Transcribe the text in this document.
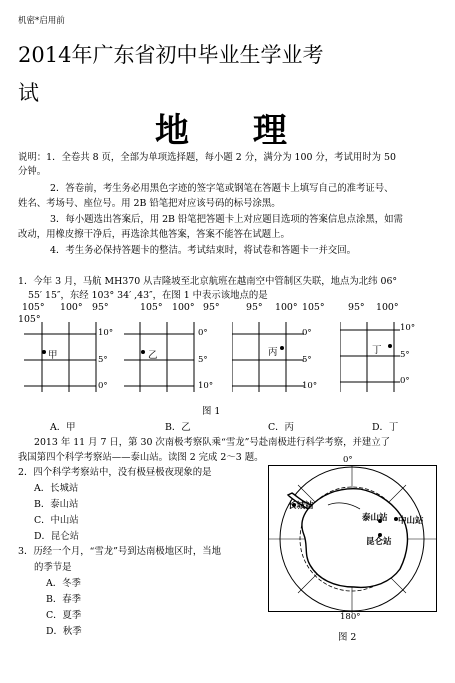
机密*启用前
2014年广东省初中毕业生学业考
试
地 理
说明：1．全卷共 8 页，全部为单项选择题，每小题 2 分，满分为 100 分，考试用时为 50
分钟。
2．答卷前，考生务必用黑色字迹的签字笔或钢笔在答题卡上填写自己的准考证号、
姓名、考场号、座位号。用 2B 铅笔把对应该号码的标号涂黑。
3．每小题选出答案后，用 2B 铅笔把答题卡上对应题目选项的答案信息点涂黑，如需
改动，用橡皮擦干净后，再选涂其他答案，答案不能答在试题上。
4．考生务必保持答题卡的整洁。考试结束时，将试卷和答题卡一并交回。
1．今年 3 月，马航 MH370 从吉隆坡至北京航班在越南空中管制区失联，地点为北纬 06°
55′ 15″，东经 103° 34′ ,43″，在图 1 中表示该地点的是
105° 100° 95°	105° 100° 95°	95° 100° 105° 95° 100°
105°
甲
10°
5°
0°
乙
0°
5°
10°
丙
0°
5°
10°
丁
10°
5°
0°
图 1
A．甲	B．乙	C．丙	D．丁
2013 年 11 月 7 日，第 30 次南极考察队乘“雪龙”号赴南极进行科学考察，并建立了
我国第四个科学考察站——泰山站。读图 2 完成 2～3 题。
2．四个科学考察站中，没有极昼极夜现象的是
A．长城站
B．泰山站
C．中山站
D．昆仑站
3．历经一个月，“雪龙”号到达南极地区时，当地
的季节是
A．冬季
B．春季
C．夏季
D．秋季
0°
长城站
泰山站 中山站
昆仑站
180°
图 2
